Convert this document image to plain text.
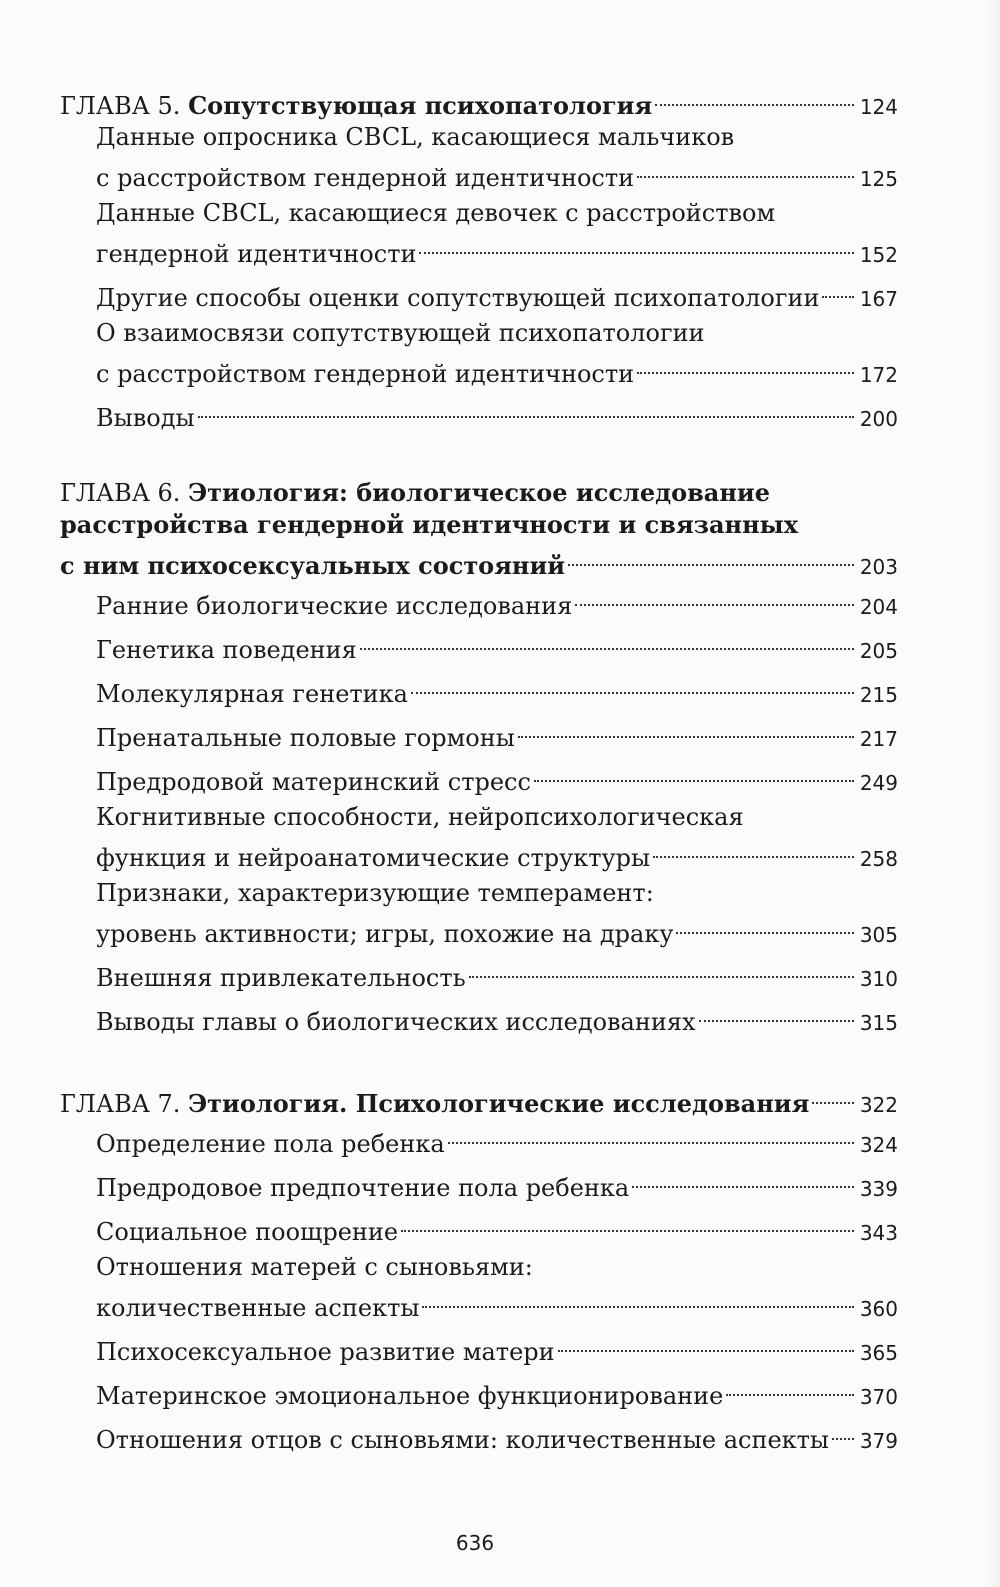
ГЛАВА 5.
Сопутствующая психопатология	124
Данные опросника CBCL, касающиеся мальчиков
с расстройством гендерной идентичности	125
Данные CBCL, касающиеся девочек с расстройством
гендерной идентичности	152
Другие способы оценки сопутствующей психопатологии 167
О взаимосвязи сопутствующей психопатологии
с расстройством гендерной идентичности	172
Выводы	200
ГЛАВА 6. Этиология: биологическое исследование
расстройства гендерной идентичности и связанных
с ним психосексуальных состояний	203
Ранние биологические исследования	204
Генетика поведения	205
Молекулярная генетика	215
Пренатальные половые гормоны	217
Предродовой материнский стресс	249
Когнитивные способности, нейропсихологическая
функция и нейроанатомические структуры	258
Признаки, характеризующие темперамент:
уровень активности; игры, похожие на драку	305
Внешняя привлекательность	310
Выводы главы о биологических исследованиях	315
ГЛАВА 7.
Этиология. Психологические исследования	322
Определение пола ребенка	324
Предродовое предпочтение пола ребенка	339
Социальное поощрение	343
Отношения матерей с сыновьями:
количественные аспекты	360
Психосексуальное развитие матери	365
Материнское эмоциональное функционирование	370
Отношения отцов с сыновьями: количественные аспекты 379
636
